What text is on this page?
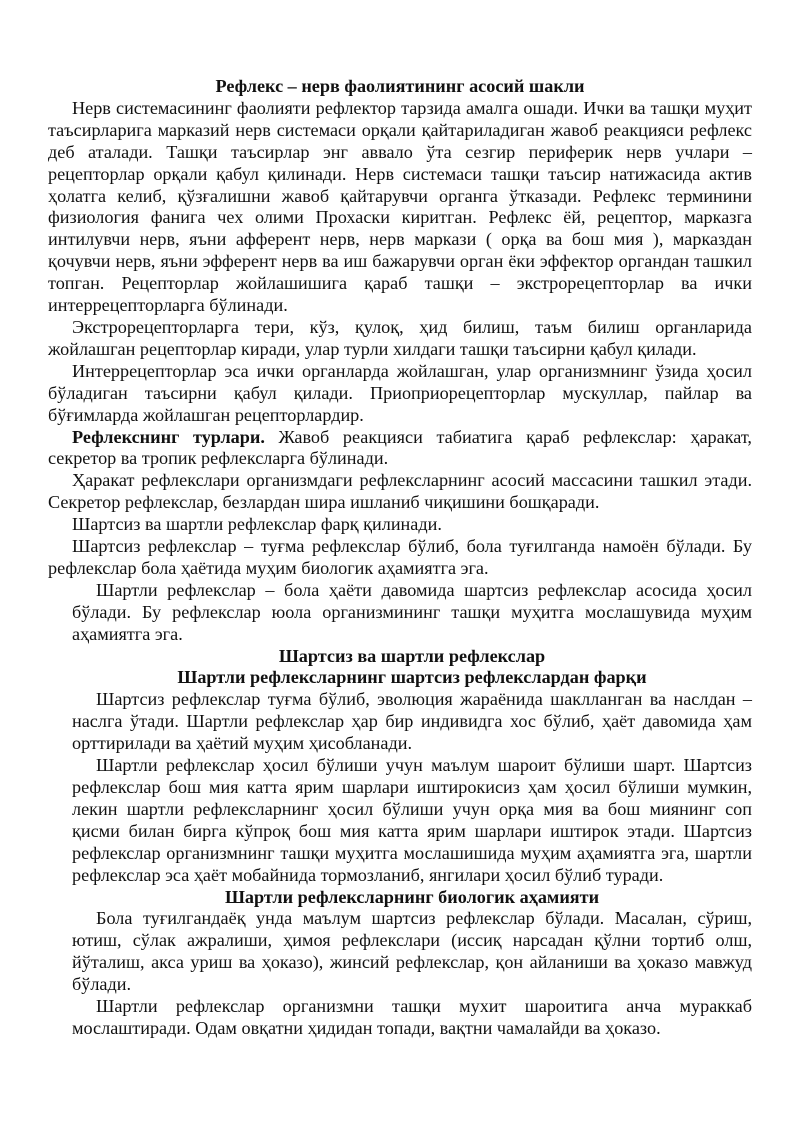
Рефлекс – нерв фаолиятининг асосий шакли

Нерв системасининг фаолияти рефлектор тарзида амалга ошади. Ички ва ташқи муҳит таъсирларига марказий нерв системаси орқали қайтариладиган жавоб реакцияси рефлекс деб аталади. Ташқи таъсирлар энг аввало ўта сезгир периферик нерв учлари – рецепторлар орқали қабул қилинади. Нерв системаси ташқи таъсир натижасида актив ҳолатга келиб, қўзғалишни жавоб қайтарувчи органга ўтказади. Рефлекс терминини физиология фанига чех олими Прохаски киритган. Рефлекс ёй, рецептор, марказга интилувчи нерв, яъни афферент нерв, нерв маркази ( орқа ва бош мия ), марказдан қочувчи нерв, яъни эфферент нерв ва иш бажарувчи орган ёки эффектор органдан ташкил топган. Рецепторлар жойлашишига қараб ташқи – экстрорецепторлар ва ички интеррецепторларга бўлинади.

Экстрорецепторларга тери, кўз, қулоқ, ҳид билиш, таъм билиш органларида жойлашган рецепторлар киради, улар турли хилдаги ташқи таъсирни қабул қилади.

Интеррецепторлар эса ички органларда жойлашган, улар организмнинг ўзида ҳосил бўладиган таъсирни қабул қилади. Приоприорецепторлар мускуллар, пайлар ва бўғимларда жойлашган рецепторлардир.

Рефлекснинг турлари. Жавоб реакцияси табиатига қараб рефлекслар: ҳаракат, секретор ва тропик рефлексларга бўлинади.

Ҳаракат рефлекслари организмдаги рефлексларнинг асосий массасини ташкил этади. Секретор рефлекслар, безлардан шира ишланиб чиқишини бошқаради.

Шартсиз ва шартли рефлекслар фарқ қилинади.

Шартсиз рефлекслар – туғма рефлекслар бўлиб, бола туғилганда намоён бўлади. Бу рефлекслар бола ҳаётида муҳим биологик аҳамиятга эга.

Шартли рефлекслар – бола ҳаёти давомида шартсиз рефлекслар асосида ҳосил бўлади. Бу рефлекслар юола организмининг ташқи муҳитга мослашувида муҳим аҳамиятга эга.

Шартсиз ва шартли рефлекслар

Шартли рефлексларнинг шартсиз рефлекслардан фарқи

Шартсиз рефлекслар туғма бўлиб, эволюция жараёнида шаклланган ва наслдан – наслга ўтади. Шартли рефлекслар ҳар бир индивидга хос бўлиб, ҳаёт давомида ҳам орттирилади ва ҳаётий муҳим ҳисобланади.

Шартли рефлекслар ҳосил бўлиши учун маълум шароит бўлиши шарт. Шартсиз рефлекслар бош мия катта ярим шарлари иштирокисиз ҳам ҳосил бўлиши мумкин, лекин шартли рефлексларнинг ҳосил бўлиши учун орқа мия ва бош миянинг соп қисми билан бирга кўпроқ бош мия катта ярим шарлари иштирок этади. Шартсиз рефлекслар организмнинг ташқи муҳитга мослашишида муҳим аҳамиятга эга, шартли рефлекслар эса ҳаёт мобайнида тормозланиб, янгилари ҳосил бўлиб туради.

Шартли рефлексларнинг биологик аҳамияти

Бола туғилгандаёқ унда маълум шартсиз рефлекслар бўлади. Масалан, сўриш, ютиш, сўлак ажралиши, ҳимоя рефлекслари (иссиқ нарсадан қўлни тортиб олш, йўталиш, акса уриш ва ҳоказо), жинсий рефлекслар, қон айланиши ва ҳоказо мавжуд бўлади.

Шартли рефлекслар организмни ташқи мухит шароитига анча мураккаб мослаштиради. Одам овқатни ҳидидан топади, вақтни чамалайди ва ҳоказо.
